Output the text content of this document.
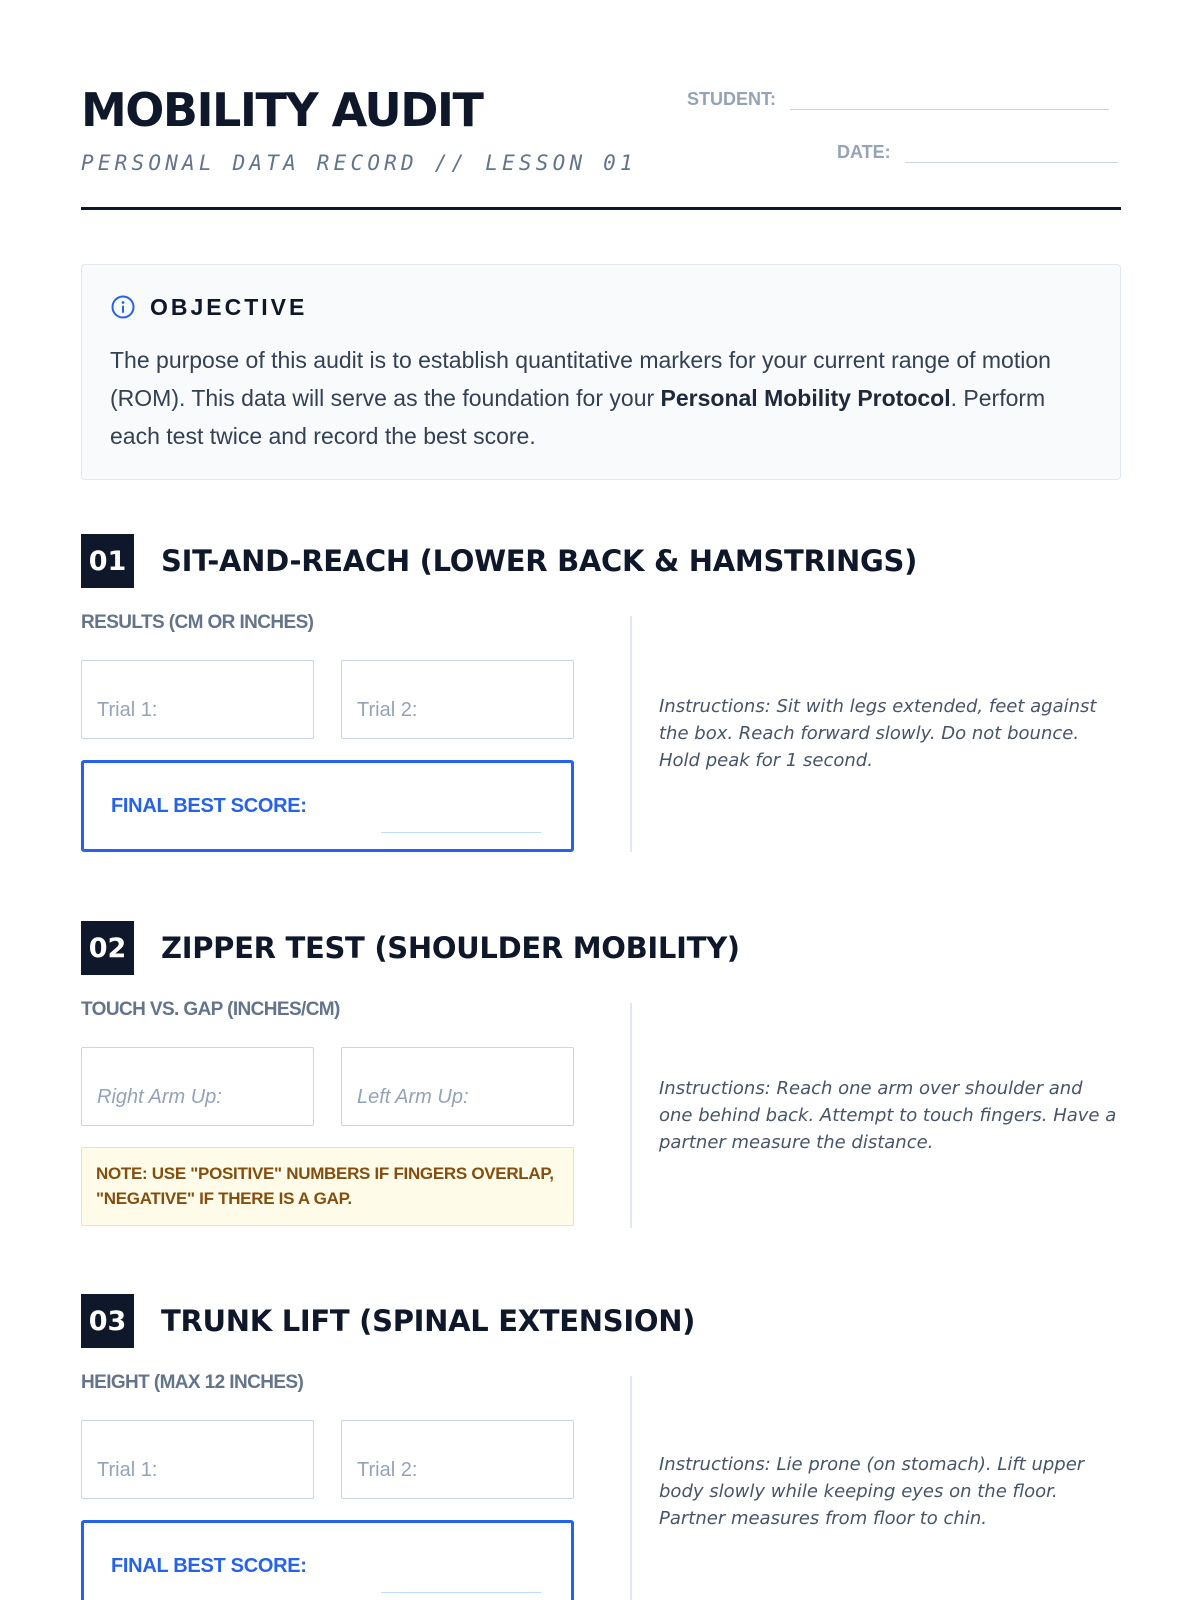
MOBILITY AUDIT
PERSONAL DATA RECORD // LESSON 01
STUDENT:
DATE:
OBJECTIVE
The purpose of this audit is to establish quantitative markers for your current range of motion (ROM). This data will serve as the foundation for your Personal Mobility Protocol. Perform each test twice and record the best score.
01 SIT-AND-REACH (LOWER BACK & HAMSTRINGS)
RESULTS (CM OR INCHES)
Trial 1:	Trial 2:
FINAL BEST SCORE:
Instructions: Sit with legs extended, feet against the box. Reach forward slowly. Do not bounce. Hold peak for 1 second.
02 ZIPPER TEST (SHOULDER MOBILITY)
TOUCH VS. GAP (INCHES/CM)
Right Arm Up:	Left Arm Up:
NOTE: USE "POSITIVE" NUMBERS IF FINGERS OVERLAP, "NEGATIVE" IF THERE IS A GAP.
Instructions: Reach one arm over shoulder and one behind back. Attempt to touch fingers. Have a partner measure the distance.
03 TRUNK LIFT (SPINAL EXTENSION)
HEIGHT (MAX 12 INCHES)
Trial 1:	Trial 2:
FINAL BEST SCORE:
Instructions: Lie prone (on stomach). Lift upper body slowly while keeping eyes on the floor. Partner measures from floor to chin.
